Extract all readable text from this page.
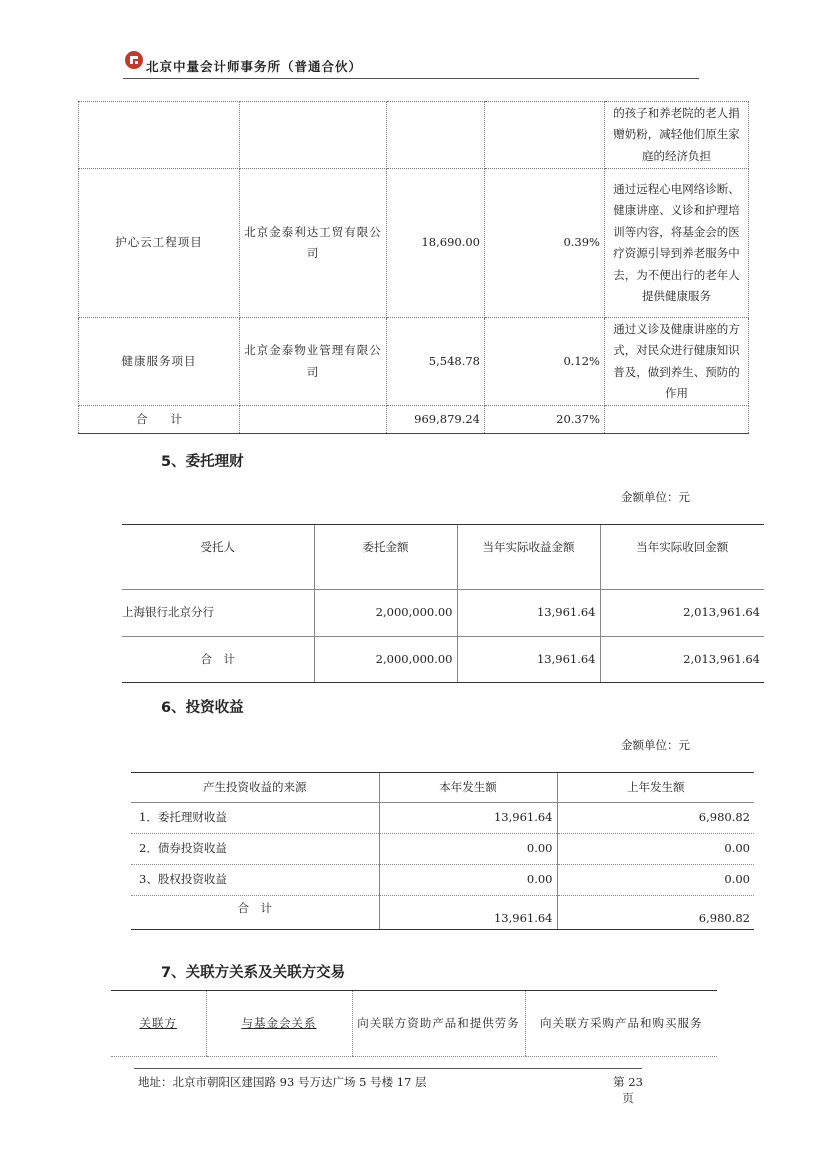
北京中量会计师事务所（普通合伙）
				的孩子和养老院的老人捐赠奶粉，减轻他们原生家庭的经济负担
护心云工程项目	北京金泰利达工贸有限公司	18,690.00	0.39%	通过远程心电网络诊断、健康讲座、义诊和护理培训等内容，将基金会的医疗资源引导到养老服务中去，为不便出行的老年人提供健康服务
健康服务项目	北京金泰物业管理有限公司	5,548.78	0.12%	通过义诊及健康讲座的方式，对民众进行健康知识普及，做到养生、预防的作用
合　　计		969,879.24	20.37%	
5、委托理财
金额单位：元
受托人	委托金额	当年实际收益金额	当年实际收回金额
上海银行北京分行	2,000,000.00	13,961.64	2,013,961.64
合　计	2,000,000.00	13,961.64	2,013,961.64
6、投资收益
金额单位：元
产生投资收益的来源	本年发生额	上年发生额
1．委托理财收益	13,961.64	6,980.82
2．债券投资收益	0.00	0.00
3、股权投资收益	0.00	0.00
合　计	13,961.64	6,980.82
7、关联方关系及关联方交易
关联方	与基金会关系	向关联方资助产品和提供劳务	向关联方采购产品和购买服务
地址：北京市朝阳区建国路 93 号万达广场 5 号楼 17 层	第 23 页
